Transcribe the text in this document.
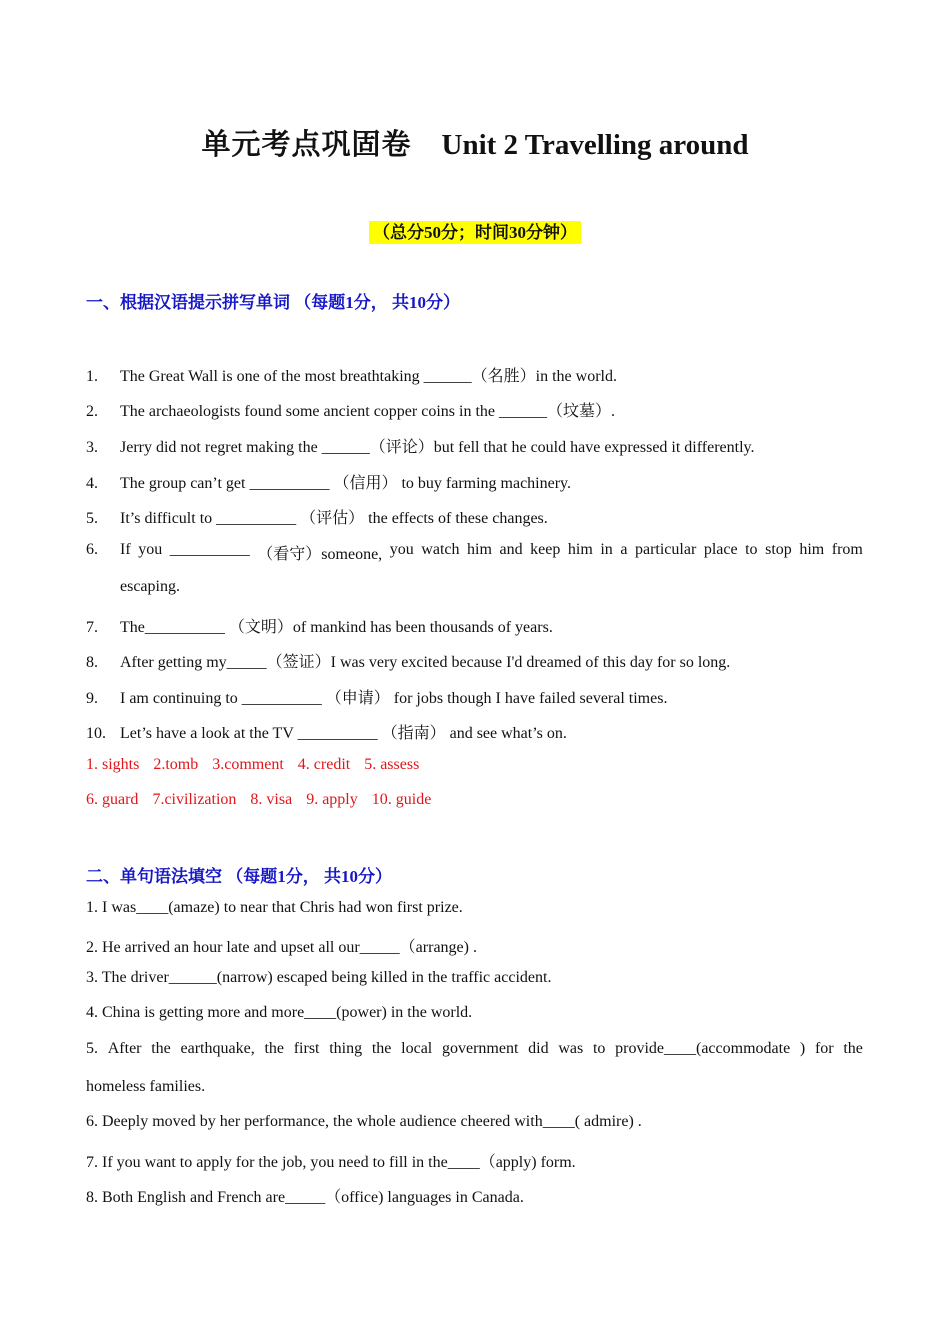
单元考点巩固卷 Unit 2 Travelling around
（总分50分；时间30分钟）
一、根据汉语提示拼写单词 （每题1分， 共10分）
1. The Great Wall is one of the most breathtaking ______（名胜）in the world.
2. The archaeologists found some ancient copper coins in the ______（坟墓）.
3. Jerry did not regret making the ______（评论）but fell that he could have expressed it differently.
4. The group can’t get __________ （信用） to buy farming machinery.
5. It’s difficult to __________ （评估） the effects of these changes.
6.	If you __________ （看守）someone, you watch him and keep him in a particular place to stop him from
escaping.
7. The__________ （文明）of mankind has been thousands of years.
8. After getting my_____（签证）I was very excited because I'd dreamed of this day for so long.
9. I am continuing to __________ （申请） for jobs though I have failed several times.
10. Let’s have a look at the TV __________ （指南） and see what’s on.
1. sights 2.tomb 3.comment 4. credit 5. assess
6. guard 7.civilization 8. visa 9. apply 10. guide
二、单句语法填空 （每题1分， 共10分）
1. I was____(amaze) to near that Chris had won first prize.
2. He arrived an hour late and upset all our_____（arrange) .
3. The driver______(narrow) escaped being killed in the traffic accident.
4. China is getting more and more____(power) in the world.
5. After the earthquake, the first thing the local government did was to provide____(accommodate ) for the
homeless families.
6. Deeply moved by her performance, the whole audience cheered with____( admire) .
7. If you want to apply for the job, you need to fill in the____（apply) form.
8. Both English and French are_____（office) languages in Canada.
